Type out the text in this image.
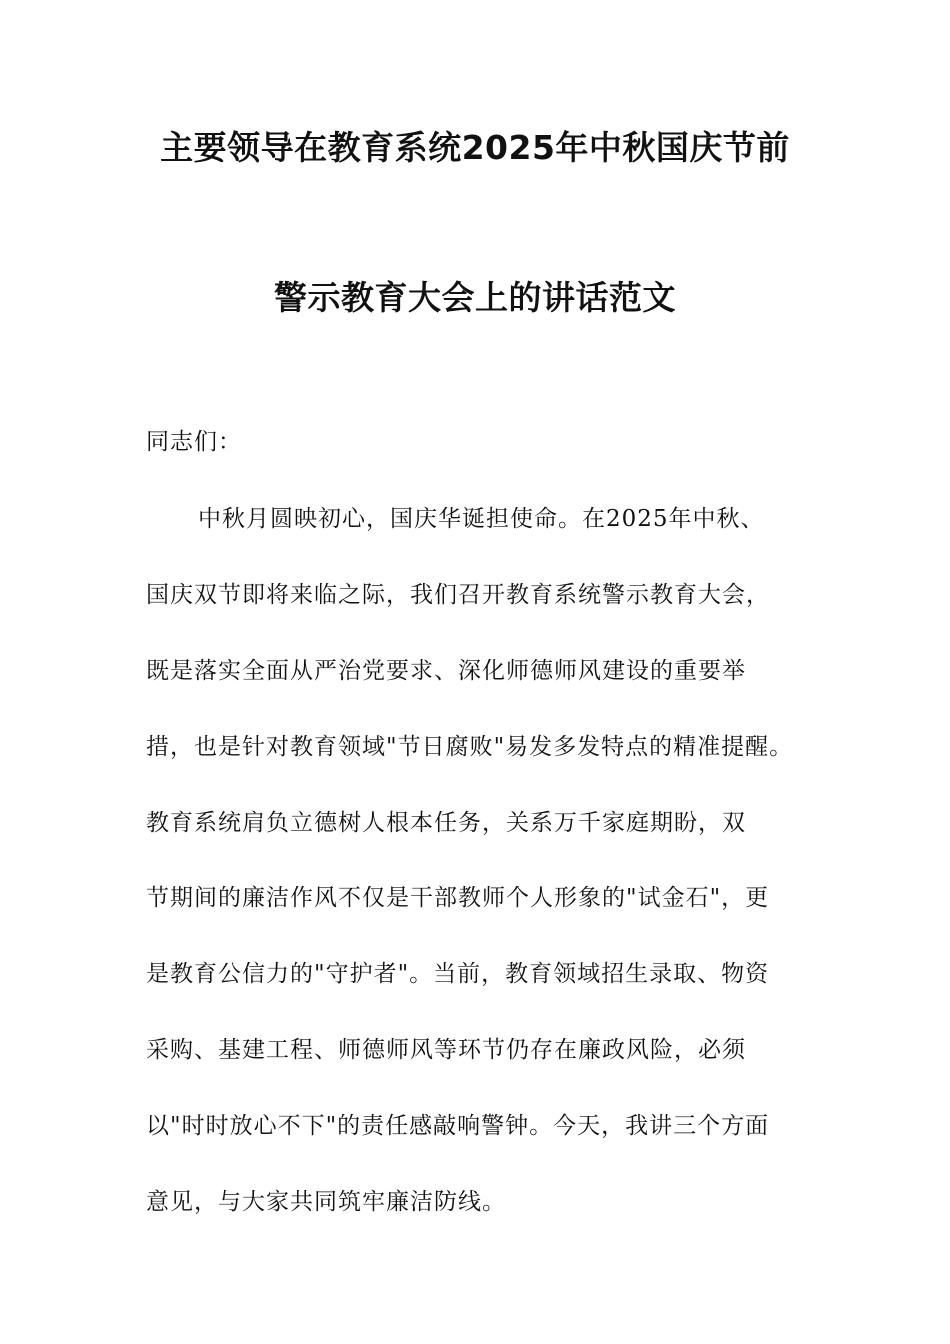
主要领导在教育系统2025年中秋国庆节前
警示教育大会上的讲话范文
同志们：
中秋月圆映初心，国庆华诞担使命。在2025年中秋、
国庆双节即将来临之际，我们召开教育系统警示教育大会，
既是落实全面从严治党要求、深化师德师风建设的重要举
措，也是针对教育领域"节日腐败"易发多发特点的精准提醒。
教育系统肩负立德树人根本任务，关系万千家庭期盼，双
节期间的廉洁作风不仅是干部教师个人形象的"试金石"，更
是教育公信力的"守护者"。当前，教育领域招生录取、物资
采购、基建工程、师德师风等环节仍存在廉政风险，必须
以"时时放心不下"的责任感敲响警钟。今天，我讲三个方面
意见，与大家共同筑牢廉洁防线。
